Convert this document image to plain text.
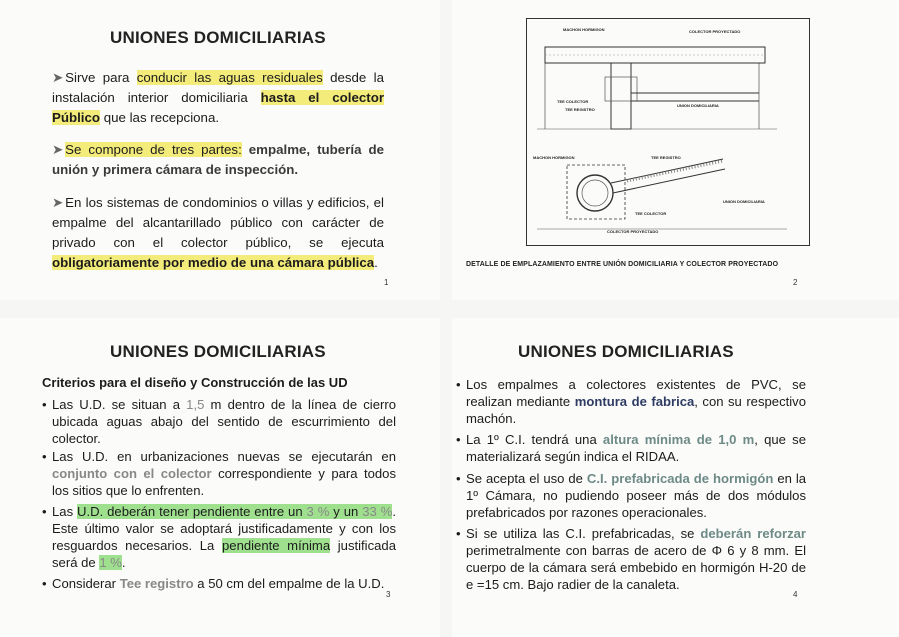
UNIONES DOMICILIARIAS
➤ Sirve para conducir las aguas residuales desde la instalación interior domiciliaria hasta el colector Público que las recepciona.
➤ Se compone de tres partes: empalme, tubería de unión y primera cámara de inspección.
➤ En los sistemas de condominios o villas y edificios, el empalme del alcantarillado público con carácter de privado con el colector público, se ejecuta obligatoriamente por medio de una cámara pública.
1
MACHON HORMIGON	COLECTOR PROYECTADO
TEE COLECTOR
TEE REGISTRO
UNION DOMICILIARIA
MACHON HORMIGON	TEE REGISTRO
UNION DOMICILIARIA
TEE COLECTOR
COLECTOR PROYECTADO
DETALLE DE EMPLAZAMIENTO ENTRE UNIÓN DOMICILIARIA Y COLECTOR PROYECTADO
2
UNIONES DOMICILIARIAS
Criterios para el diseño y Construcción de las UD
• Las U.D. se situan a 1,5 m dentro de la línea de cierro ubicada aguas abajo del sentido de escurrimiento del colector.
• Las U.D. en urbanizaciones nuevas se ejecutarán en conjunto con el colector correspondiente y para todos los sitios que lo enfrenten.
• Las U.D. deberán tener pendiente entre un 3 % y un 33 %. Este último valor se adoptará justificadamente y con los resguardos necesarios. La pendiente mínima justificada será de 1 %.
• Considerar Tee registro a 50 cm del empalme de la U.D.
3
UNIONES DOMICILIARIAS
• Los empalmes a colectores existentes de PVC, se realizan mediante montura de fabrica, con su respectivo machón.
• La 1º C.I. tendrá una altura mínima de 1,0 m, que se materializará según indica el RIDAA.
• Se acepta el uso de C.I. prefabricada de hormigón en la 1º Cámara, no pudiendo poseer más de dos módulos prefabricados por razones operacionales.
• Si se utiliza las C.I. prefabricadas, se deberán reforzar perimetralmente con barras de acero de Φ 6 y 8 mm. El cuerpo de la cámara será embebido en hormigón H-20 de e =15 cm. Bajo radier de la canaleta.
4
